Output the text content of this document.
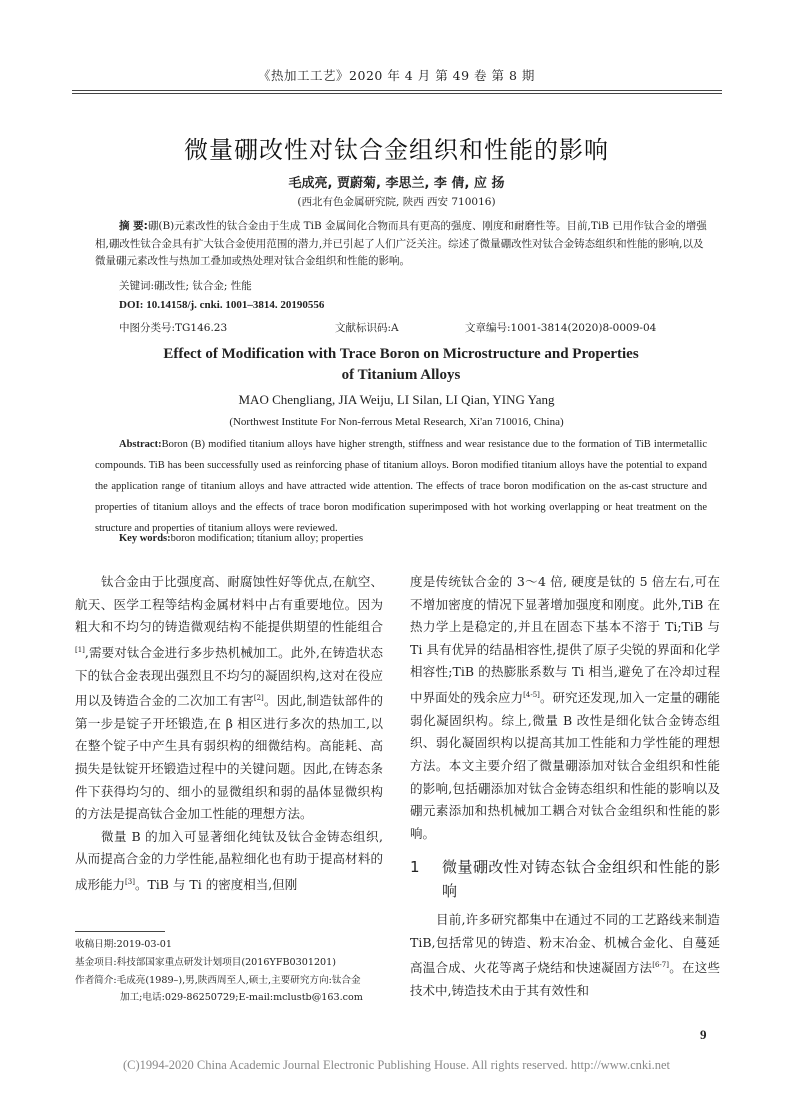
《热加工工艺》2020 年 4 月 第 49 卷 第 8 期
微量硼改性对钛合金组织和性能的影响
毛成亮, 贾蔚菊, 李思兰, 李 倩, 应 扬
(西北有色金属研究院, 陕西 西安 710016)
摘 要:硼(B)元素改性的钛合金由于生成 TiB 金属间化合物而具有更高的强度、刚度和耐磨性等。目前,TiB 已用作钛合金的增强相,硼改性钛合金具有扩大钛合金使用范围的潜力,并已引起了人们广泛关注。综述了微量硼改性对钛合金铸态组织和性能的影响,以及微量硼元素改性与热加工叠加或热处理对钛合金组织和性能的影响。
关键词:硼改性; 钛合金; 性能
DOI: 10.14158/j. cnki. 1001–3814. 20190556
中图分类号:TG146.23	文献标识码:A	文章编号:1001-3814(2020)8-0009-04
Effect of Modification with Trace Boron on Microstructure and Properties
of Titanium Alloys
MAO Chengliang, JIA Weiju, LI Silan, LI Qian, YING Yang
(Northwest Institute For Non-ferrous Metal Research, Xi'an 710016, China)
Abstract:Boron (B) modified titanium alloys have higher strength, stiffness and wear resistance due to the formation of TiB intermetallic compounds. TiB has been successfully used as reinforcing phase of titanium alloys. Boron modified titanium alloys have the potential to expand the application range of titanium alloys and have attracted wide attention. The effects of trace boron modification on the as-cast structure and properties of titanium alloys and the effects of trace boron modification superimposed with hot working overlapping or heat treatment on the structure and properties of titanium alloys were reviewed.
Key words:boron modification; titanium alloy; properties

钛合金由于比强度高、耐腐蚀性好等优点,在航空、航天、医学工程等结构金属材料中占有重要地位。因为粗大和不均匀的铸造微观结构不能提供期望的性能组合[1],需要对钛合金进行多步热机械加工。此外,在铸造状态下的钛合金表现出强烈且不均匀的凝固织构,这对在役应用以及铸造合金的二次加工有害[2]。因此,制造钛部件的第一步是锭子开坯锻造,在 β 相区进行多次的热加工,以在整个锭子中产生具有弱织构的细微结构。高能耗、高损失是钛锭开坯锻造过程中的关键问题。因此,在铸态条件下获得均匀的、细小的显微组织和弱的晶体显微织构的方法是提高钛合金加工性能的理想方法。

微量 B 的加入可显著细化纯钛及钛合金铸态组织,从而提高合金的力学性能,晶粒细化也有助于提高材料的成形能力[3]。TiB 与 Ti 的密度相当,但刚

度是传统钛合金的 3～4 倍, 硬度是钛的 5 倍左右,可在不增加密度的情况下显著增加强度和刚度。此外,TiB 在热力学上是稳定的,并且在固态下基本不溶于 Ti;TiB 与 Ti 具有优异的结晶相容性,提供了原子尖锐的界面和化学相容性;TiB 的热膨胀系数与 Ti 相当,避免了在冷却过程中界面处的残余应力[4-5]。研究还发现,加入一定量的硼能弱化凝固织构。综上,微量 B 改性是细化钛合金铸态组织、弱化凝固织构以提高其加工性能和力学性能的理想方法。本文主要介绍了微量硼添加对钛合金组织和性能的影响,包括硼添加对钛合金铸态组织和性能的影响以及硼元素添加和热机械加工耦合对钛合金组织和性能的影响。

1	微量硼改性对铸态钛合金组织和性能的影响

目前,许多研究都集中在通过不同的工艺路线来制造 TiB,包括常见的铸造、粉末冶金、机械合金化、自蔓延高温合成、火花等离子烧结和快速凝固方法[6-7]。在这些技术中,铸造技术由于其有效性和

收稿日期:2019-03-01
基金项目:科技部国家重点研发计划项目(2016YFB0301201)
作者简介:毛成亮(1989–),男,陕西周至人,硕士,主要研究方向:钛合金
加工;电话:029-86250729;E-mail:mclustb@163.com
9
(C)1994-2020 China Academic Journal Electronic Publishing House. All rights reserved. http://www.cnki.net
